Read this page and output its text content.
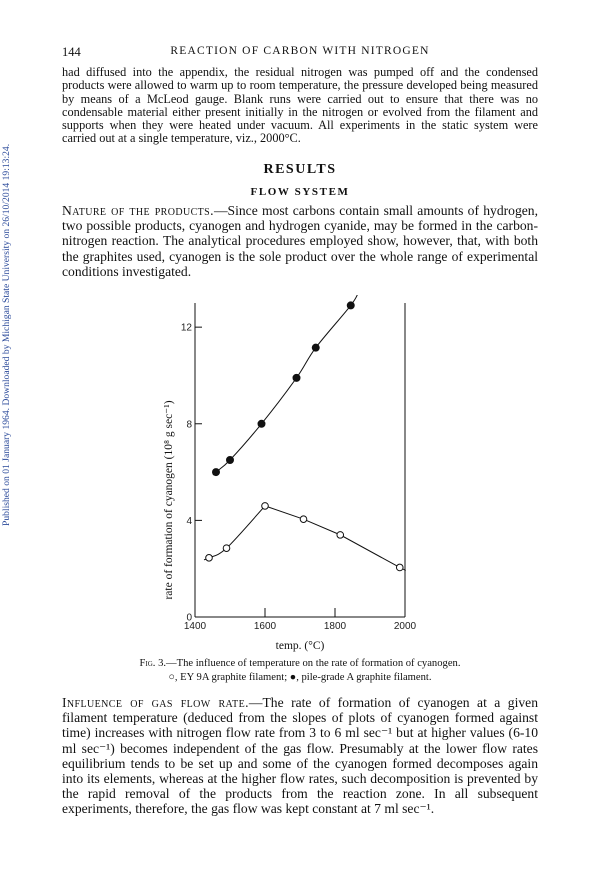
Published on 01 January 1964. Downloaded by Michigan State University on 26/10/2014 19:13:24.
144	REACTION OF CARBON WITH NITROGEN

had diffused into the appendix, the residual nitrogen was pumped off and the condensed products were allowed to warm up to room temperature, the pressure developed being measured by means of a McLeod gauge. Blank runs were carried out to ensure that there was no condensable material either present initially in the nitrogen or evolved from the filament and supports when they were heated under vacuum. All experiments in the static system were carried out at a single temperature, viz., 2000°C.

RESULTS
FLOW SYSTEM

Nature of the products.—Since most carbons contain small amounts of hydrogen, two possible products, cyanogen and hydrogen cyanide, may be formed in the carbon-nitrogen reaction. The analytical procedures employed show, however, that, with both the graphites used, cyanogen is the sole product over the whole range of experimental conditions investigated.

0
4
8
12
1400	1600	1800	2000
temp. (°C)
rate of formation of cyanogen (10⁸ g sec⁻¹)

Fig. 3.—The influence of temperature on the rate of formation of cyanogen.

○, EY 9A graphite filament; ●, pile-grade A graphite filament.

Influence of gas flow rate.—The rate of formation of cyanogen at a given filament temperature (deduced from the slopes of plots of cyanogen formed against time) increases with nitrogen flow rate from 3 to 6 ml sec⁻¹ but at higher values (6-10 ml sec⁻¹) becomes independent of the gas flow. Presumably at the lower flow rates equilibrium tends to be set up and some of the cyanogen formed decomposes again into its elements, whereas at the higher flow rates, such decomposition is prevented by the rapid removal of the products from the reaction zone. In all subsequent experiments, therefore, the gas flow was kept constant at 7 ml sec⁻¹.
